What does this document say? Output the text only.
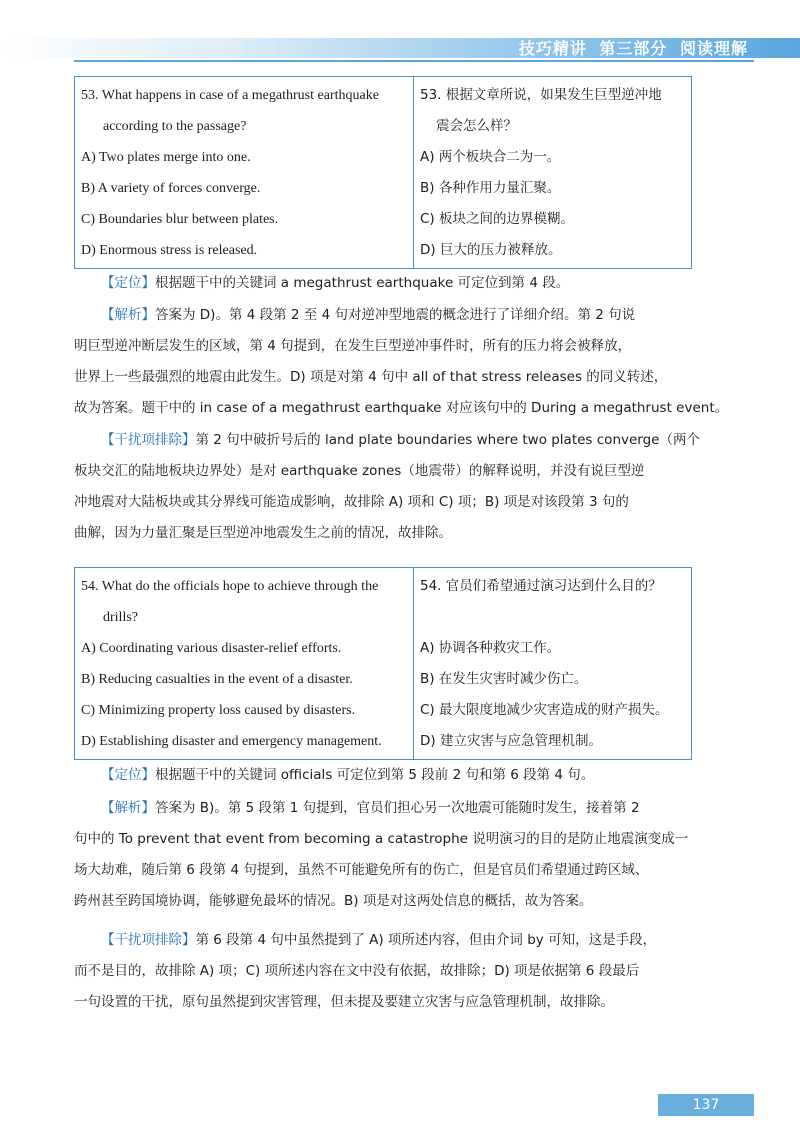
技巧精讲 第三部分 阅读理解
53. What happens in case of a megathrust earthquake
according to the passage?
A) Two plates merge into one.
B) A variety of forces converge.
C) Boundaries blur between plates.
D) Enormous stress is released.

53. 根据文章所说，如果发生巨型逆冲地
震会怎么样？
A) 两个板块合二为一。
B) 各种作用力量汇聚。
C) 板块之间的边界模糊。
D) 巨大的压力被释放。
【定位】根据题干中的关键词 a megathrust earthquake 可定位到第 4 段。
【解析】答案为 D)。第 4 段第 2 至 4 句对逆冲型地震的概念进行了详细介绍。第 2 句说
明巨型逆冲断层发生的区域，第 4 句提到，在发生巨型逆冲事件时，所有的压力将会被释放，
世界上一些最强烈的地震由此发生。D) 项是对第 4 句中 all of that stress releases 的同义转述，
故为答案。题干中的 in case of a megathrust earthquake 对应该句中的 During a megathrust event。
【干扰项排除】第 2 句中破折号后的 land plate boundaries where two plates converge（两个
板块交汇的陆地板块边界处）是对 earthquake zones（地震带）的解释说明，并没有说巨型逆
冲地震对大陆板块或其分界线可能造成影响，故排除 A) 项和 C) 项；B) 项是对该段第 3 句的
曲解，因为力量汇聚是巨型逆冲地震发生之前的情况，故排除。
54. What do the officials hope to achieve through the
drills?
A) Coordinating various disaster-relief efforts.
B) Reducing casualties in the event of a disaster.
C) Minimizing property loss caused by disasters.
D) Establishing disaster and emergency management.

54. 官员们希望通过演习达到什么目的？
A) 协调各种救灾工作。
B) 在发生灾害时减少伤亡。
C) 最大限度地减少灾害造成的财产损失。
D) 建立灾害与应急管理机制。
【定位】根据题干中的关键词 officials 可定位到第 5 段前 2 句和第 6 段第 4 句。
【解析】答案为 B)。第 5 段第 1 句提到，官员们担心另一次地震可能随时发生，接着第 2
句中的 To prevent that event from becoming a catastrophe 说明演习的目的是防止地震演变成一
场大劫难，随后第 6 段第 4 句提到，虽然不可能避免所有的伤亡，但是官员们希望通过跨区域、
跨州甚至跨国境协调，能够避免最坏的情况。B) 项是对这两处信息的概括，故为答案。
【干扰项排除】第 6 段第 4 句中虽然提到了 A) 项所述内容，但由介词 by 可知，这是手段，
而不是目的，故排除 A) 项；C) 项所述内容在文中没有依据，故排除；D) 项是依据第 6 段最后
一句设置的干扰，原句虽然提到灾害管理，但未提及要建立灾害与应急管理机制，故排除。
137
